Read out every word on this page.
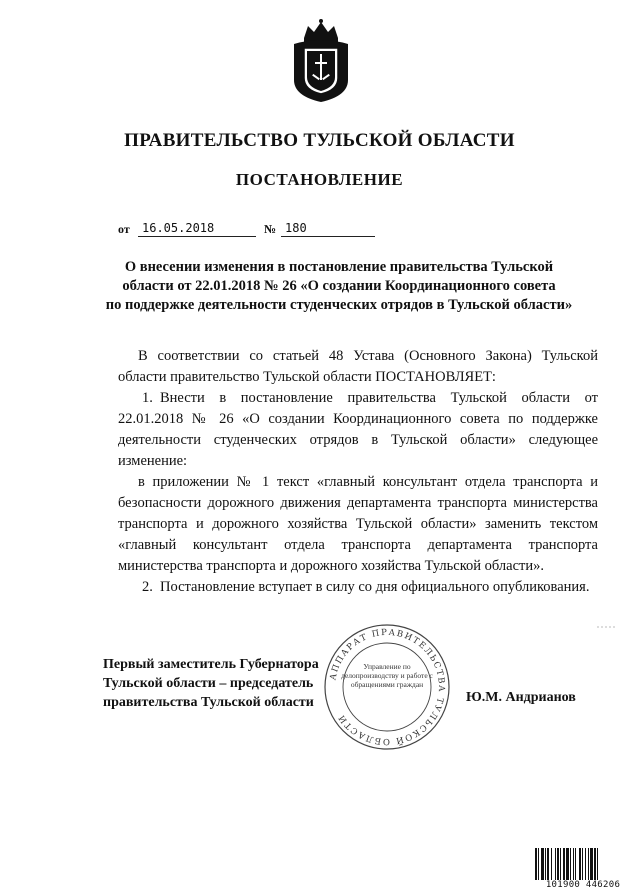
ПРАВИТЕЛЬСТВО ТУЛЬСКОЙ ОБЛАСТИ
ПОСТАНОВЛЕНИЕ
от	16.05.2018	№ 180
О внесении изменения в постановление правительства Тульской
области от 22.01.2018 № 26 «О создании Координационного совета
по поддержке деятельности студенческих отрядов в Тульской области»

В соответствии со статьей 48 Устава (Основного Закона) Тульской области правительство Тульской области ПОСТАНОВЛЯЕТ:

1. Внести в постановление правительства Тульской области от 22.01.2018 № 26 «О создании Координационного совета по поддержке деятельности студенческих отрядов в Тульской области» следующее изменение:

в приложении № 1 текст «главный консультант отдела транспорта и безопасности дорожного движения департамента транспорта министерства транспорта и дорожного хозяйства Тульской области» заменить текстом «главный консультант отдела транспорта департамента транспорта министерства транспорта и дорожного хозяйства Тульской области».

2. Постановление вступает в силу со дня официального опубликования.

АППАРАТ ПРАВИТЕЛЬСТВА ТУЛЬСКОЙ ОБЛАСТИ
Управление по делопроизводству и работе с обращениями граждан
Первый заместитель Губернатора
Тульской области – председатель
правительства Тульской области	Ю.М. Андрианов
101900 446206
